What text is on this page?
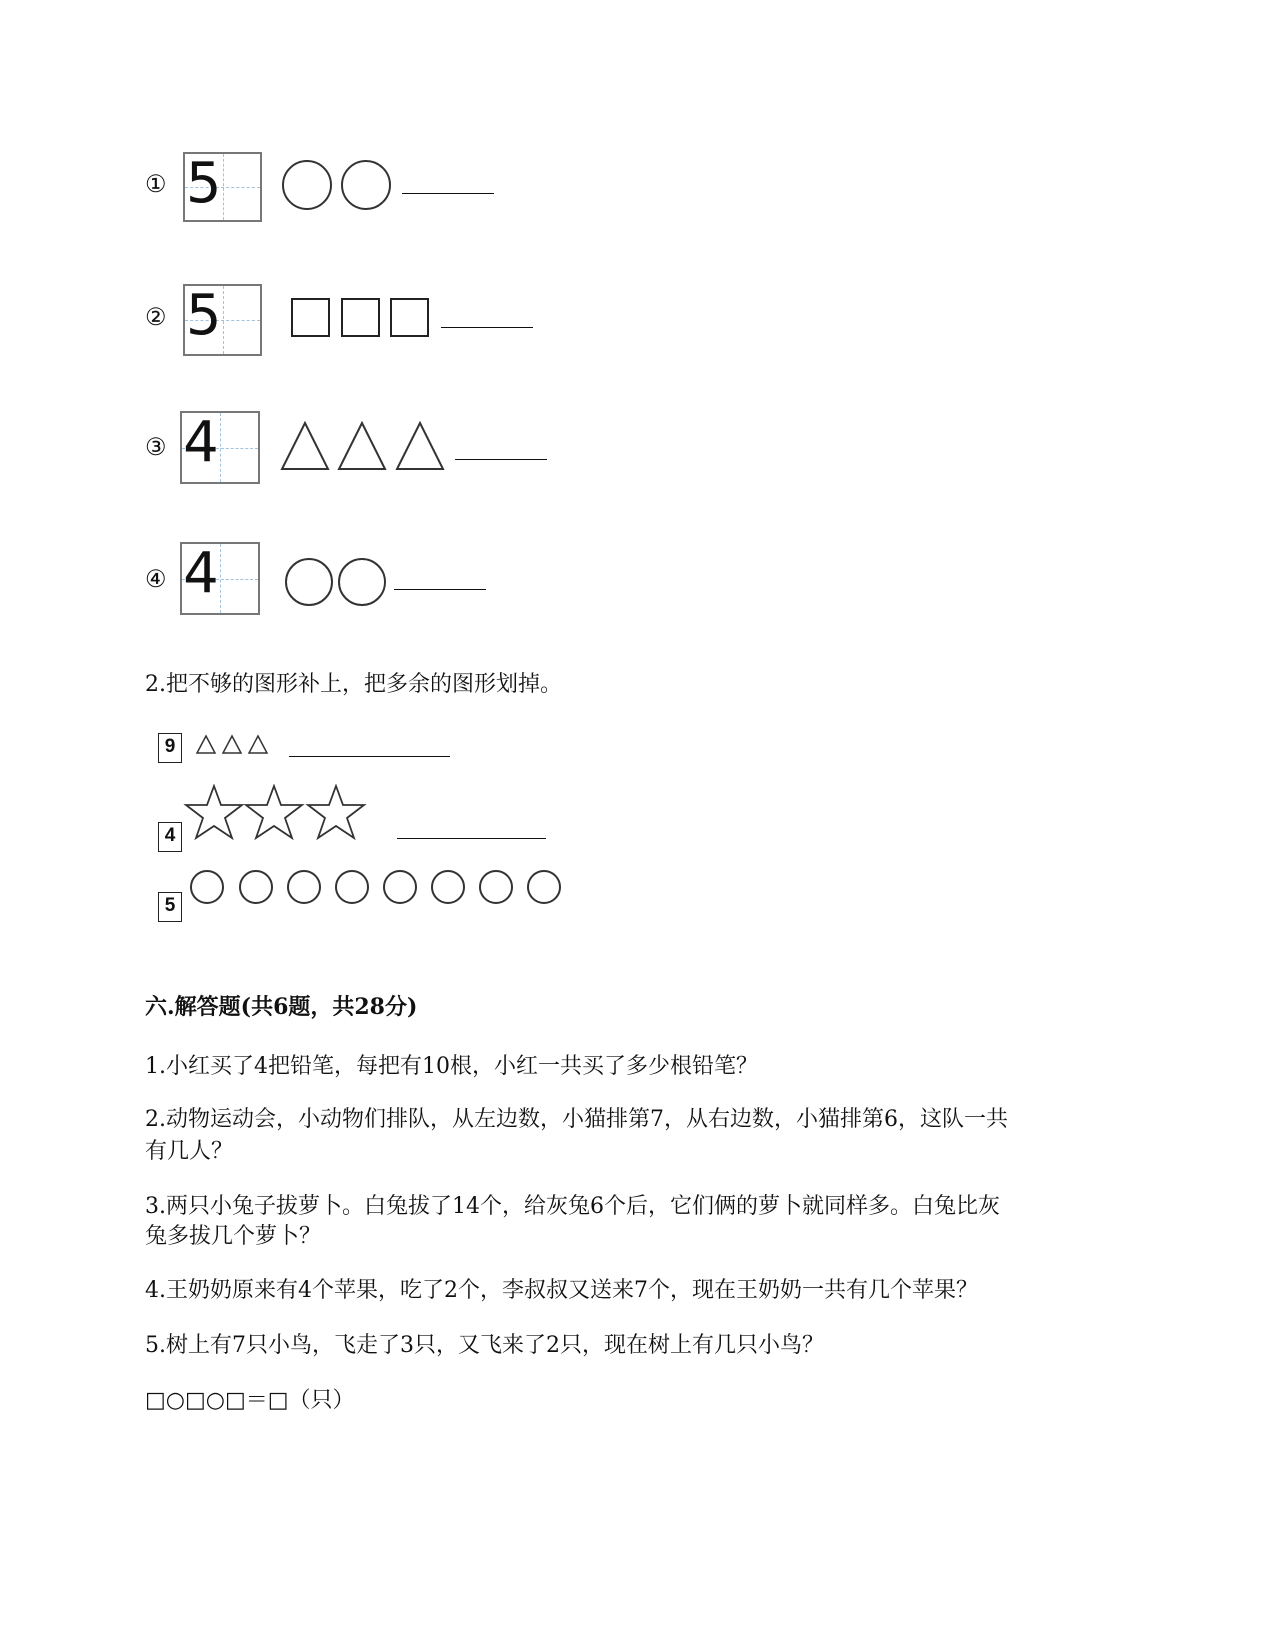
① 5
② 5
③ 4
④ 4
2.把不够的图形补上，把多余的图形划掉。
9
4
5
六.解答题(共6题，共28分)
1.小红买了4把铅笔，每把有10根，小红一共买了多少根铅笔？
2.动物运动会，小动物们排队，从左边数，小猫排第7，从右边数，小猫排第6，这队一共
有几人？
3.两只小兔子拔萝卜。白兔拔了14个，给灰兔6个后，它们俩的萝卜就同样多。白兔比灰
兔多拔几个萝卜？
4.王奶奶原来有4个苹果，吃了2个，李叔叔又送来7个，现在王奶奶一共有几个苹果？
5.树上有7只小鸟，飞走了3只，又飞来了2只，现在树上有几只小鸟？
□○□○□＝□（只）
